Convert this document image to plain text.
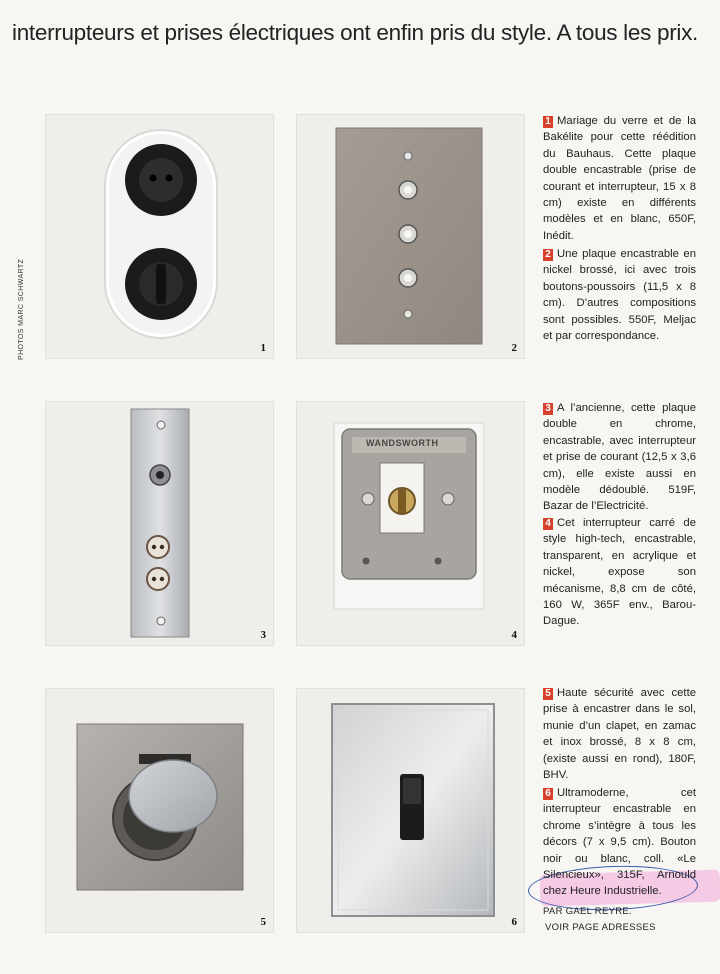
interrupteurs et prises électriques ont enfin pris du style. A tous les prix.
PHOTOS MARC SCHWARTZ	1	2
3
WANDSWORTH
4
5	6

1 Mariage du verre et de la Bakélite pour cette réédition du Bauhaus. Cette plaque double encastrable (prise de courant et interrupteur, 15 x 8 cm) existe en différents modèles et en blanc, 650F, Inédit.

2 Une plaque encastrable en nickel brossé, ici avec trois boutons-poussoirs (11,5 x 8 cm). D’autres compositions sont possibles. 550F, Meljac et par correspondance.

3 A l’ancienne, cette plaque double en chrome, encastrable, avec interrupteur et prise de courant (12,5 x 3,6 cm), elle existe aussi en modèle dédoublé. 519F, Bazar de l’Electricité.

4 Cet interrupteur carré de style high-tech, encastrable, transparent, en acrylique et nickel, expose son mécanisme, 8,8 cm de côté, 160 W, 365F env., Barou-Dague.

5 Haute sécurité avec cette prise à encastrer dans le sol, munie d’un clapet, en zamac et inox brossé, 8 x 8 cm, (existe aussi en rond), 180F, BHV.

6 Ultramoderne, cet interrupteur encastrable en chrome s’intègre à tous les décors (7 x 9,5 cm). Bouton noir ou blanc, coll. «Le Silencieux», 315F, Arnould chez Heure Industrielle.
PAR GAEL REYRE.

VOIR PAGE ADRESSES
